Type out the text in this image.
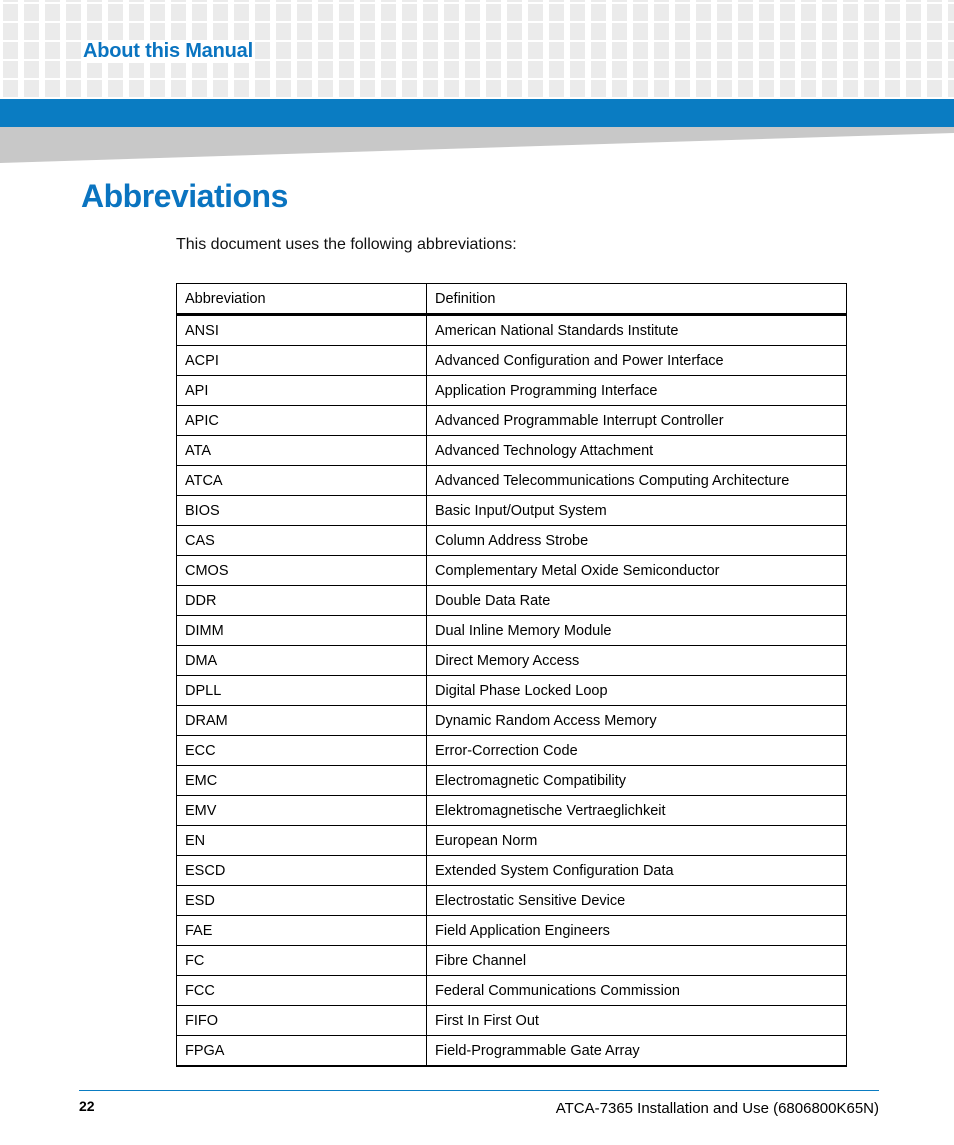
About this Manual
Abbreviations

This document uses the following abbreviations:

Abbreviation	Definition
ANSI	American National Standards Institute
ACPI	Advanced Configuration and Power Interface
API	Application Programming Interface
APIC	Advanced Programmable Interrupt Controller
ATA	Advanced Technology Attachment
ATCA	Advanced Telecommunications Computing Architecture
BIOS	Basic Input/Output System
CAS	Column Address Strobe
CMOS	Complementary Metal Oxide Semiconductor
DDR	Double Data Rate
DIMM	Dual Inline Memory Module
DMA	Direct Memory Access
DPLL	Digital Phase Locked Loop
DRAM	Dynamic Random Access Memory
ECC	Error-Correction Code
EMC	Electromagnetic Compatibility
EMV	Elektromagnetische Vertraeglichkeit
EN	European Norm
ESCD	Extended System Configuration Data
ESD	Electrostatic Sensitive Device
FAE	Field Application Engineers
FC	Fibre Channel
FCC	Federal Communications Commission
FIFO	First In First Out
FPGA	Field-Programmable Gate Array
22	ATCA-7365 Installation and Use (6806800K65N)
